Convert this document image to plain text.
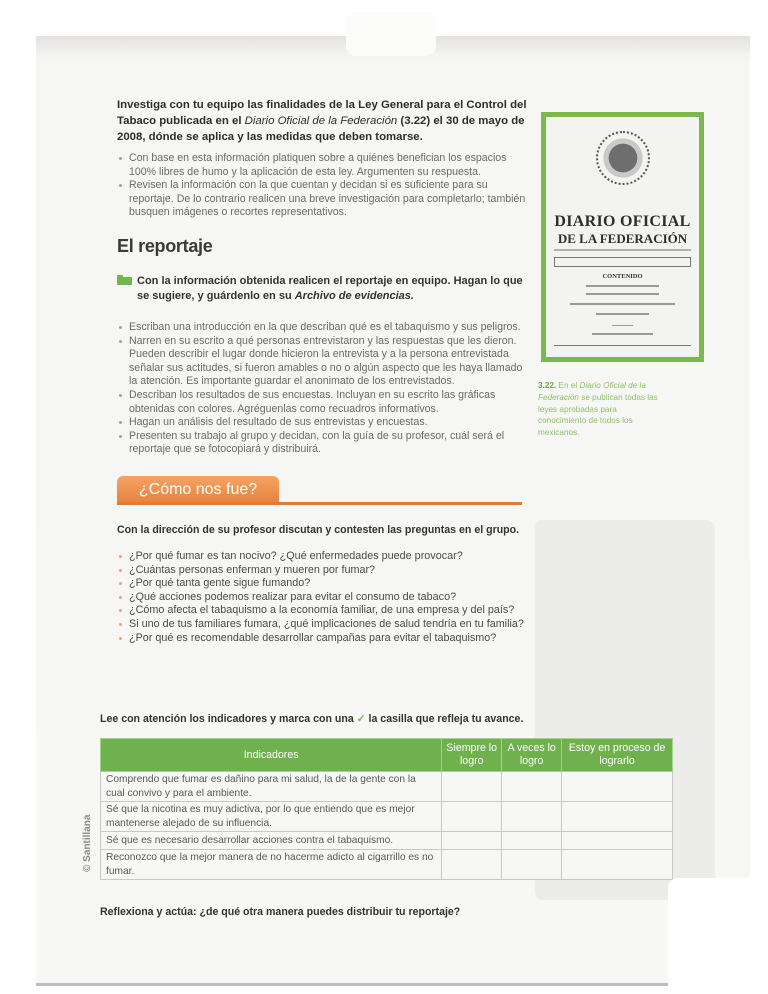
Investiga con tu equipo las finalidades de la Ley General para el Control del Tabaco publicada en el Diario Oficial de la Federación (3.22) el 30 de mayo de 2008, dónde se aplica y las medidas que deben tomarse.
Con base en esta información platiquen sobre a quiénes benefician los espacios 100% libres de humo y la aplicación de esta ley. Argumenten su respuesta.
Revisen la información con la que cuentan y decidan si es suficiente para su reportaje. De lo contrario realicen una breve investigación para completarlo; también busquen imágenes o recortes representativos.
El reportaje
Con la información obtenida realicen el reportaje en equipo. Hagan lo que se sugiere, y guárdenlo en su Archivo de evidencias.
Escriban una introducción en la que describan qué es el tabaquismo y sus peligros.
Narren en su escrito a qué personas entrevistaron y las respuestas que les dieron. Pueden describir el lugar donde hicieron la entrevista y a la persona entrevistada señalar sus actitudes, si fueron amables o no o algún aspecto que les haya llamado la atención. Es importante guardar el anonimato de los entrevistados.
Describan los resultados de sus encuestas. Incluyan en su escrito las gráficas obtenidas con colores. Agréguenlas como recuadros informativos.
Hagan un análisis del resultado de sus entrevistas y encuestas.
Presenten su trabajo al grupo y decidan, con la guía de su profesor, cuál será el reportaje que se fotocopiará y distribuirá.
¿Cómo nos fue?
Con la dirección de su profesor discutan y contesten las preguntas en el grupo.
¿Por qué fumar es tan nocivo? ¿Qué enfermedades puede provocar?
¿Cuántas personas enferman y mueren por fumar?
¿Por qué tanta gente sigue fumando?
¿Qué acciones podemos realizar para evitar el consumo de tabaco?
¿Cómo afecta el tabaquismo a la economía familiar, de una empresa y del país?
Si uno de tus familiares fumara, ¿qué implicaciones de salud tendría en tu familia?
¿Por qué es recomendable desarrollar campañas para evitar el tabaquismo?
Lee con atención los indicadores y marca con una ✓ la casilla que refleja tu avance.
Indicadores	Siempre lo logro	A veces lo logro	Estoy en proceso de lograrlo
Comprendo que fumar es dañino para mi salud, la de la gente con la cual convivo y para el ambiente.			
Sé que la nicotina es muy adictiva, por lo que entiendo que es mejor mantenerse alejado de su influencia.			
Sé que es necesario desarrollar acciones contra el tabaquismo.			
Reconozco que la mejor manera de no hacerme adicto al cigarrillo es no fumar.			
Reflexiona y actúa: ¿de qué otra manera puedes distribuir tu reportaje?
DIARIO OFICIAL
DE LA FEDERACIÓN
CONTENIDO
3.22. En el Diario Oficial de la Federación se publican todas las leyes aprobadas para conocimiento de todos los mexicanos.
© Santillana
